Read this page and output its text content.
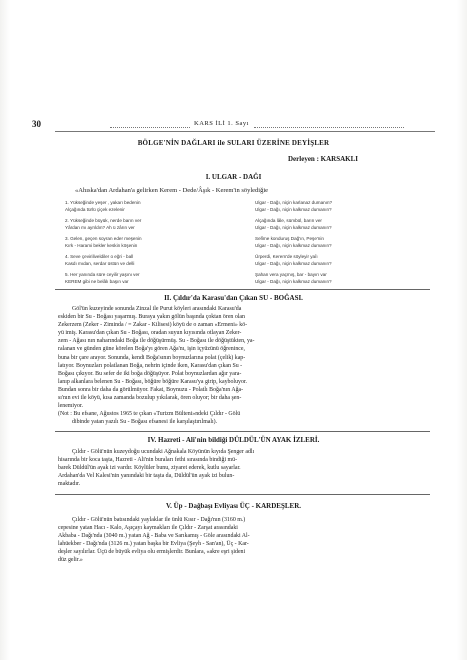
30	KARS İLİ 1. Sayı
BÖLGE'NİN DAĞLARI ile SULARI ÜZERİNE DEYİŞLER
Derleyen : KARSAKLI
I. ULGAR - DAĞI
«Ahıska'dan Ardahan'a gelirken Kerem - Dede/Âşık - Kerem'in söylediğie
1. Yükseğinde yeşer , yakarı bedenin
Alçağında türlü çiçek ezelenir
Ulgar - Dağı, niçin karlanaz dumanın?
Ulgar - Dağı, niçin kalkmaz dumanın?
2. Yükseğinde büyük, nerde barın ver
Yârdan mı ayrıldın? Ah ü zârın ver
Alçağında lâle, sümbül, barın ver
Ulgar - Dağı, niçin kalkmaz dumanın?
3. Gelen, geçen soyran eder meşenin
Kırk - Harami bekler keskin köşenin
Selîme konduruş Dağ'ın, Peşe'nin
Ulgar - Dağı, niçin kalkmaz dumanın?
4. Seve çeviriliveldiler o eğri - ball
Kasdı mıdan, serdar üstün ve delli
Ürperdi, Kerem'de söyleyir yaîı
Ulgar - Dağı, niçin kalkmaz dumanın?
5. Her yanında süre ceyilir yaşını ver
KEREM gibi ne belâlı başın var
Şahan vera yaçmış, bar - bayırı var
Ulgar - Dağı, niçin kalkmaz dumanın?
II. Çıldır'da Karasu'dan Çıkan SU - BOĞASI.
Göl'ün kuzeyinde sonunda Zinzal ile Purut köyleri arasındaki Karasu'da
eskiden bir Su - Boğası yaşarmış. Buraya yakın gölün başında çoktan ören olan
Zekerzem (Zeker - Ziminda / = Zakar - Kilisesi) köyü de o zaman «Ermeni» kö-
yü imiş. Karasu'dan çıkan Su - Boğası, oradan suyun kıyısında otlayan Zeker-
zem - Ağası nın naharındaki Boğa ile döğüşürmüş. Su - Boğası ile döğüştükten, ya-
ralanan ve günden güne körelen Boğa'yı gören Ağa'nı, işin içyüzünü öğrenince,
buna bir çare arayor. Sonunda, kendi Boğa'sının boynuzlarına polat (çelik) kap-
latıyor. Boynuzları polatlanan Boğa, nehrin içinde iken, Karasu'dan çıkan Su -
Boğası çıkıyor. Bu sefer de iki boğa döğüşüyor. Polat boynuzlardan ağır yara-
lanıp alkanlara belenen Su - Boğası, böğüre böğüre Karasu'ya girip, kayboluyor.
Bundan sonra bir daha da görülmüyor. Fakat, Boynuzu - Polatlı Boğa'nın Ağa-
sı'nın evi ile köyü, kısa zamanda bozulup yıkılarak, ören oluyor; bir daha şen-
lenemiyor.
(Not : Bu efsane, Ağustos 1965 te çıkan «Turizm Bülteni»ndeki Çıldır - Gölü
dibinde yatan yazılı Su - Boğası efsanesi ile karşılaştırılmalı).
IV. Hazreti - Ali'nin bildiği DÜLDÜL'ÜN AYAK İZLERİ.
Çıldır - Gölü'nün kuzeydoğu ucundaki Ağnakala Köyünün kıyıda Şenger adlı
hisarında bir koca taşta, Hazreti - Ali'nin buraları fethi sırasında bindiği mü-
barek Düldül'ün ayak izi vardır. Köylüler bunu, ziyaret ederek, kutlu sayarlar.
Ardahan'da Vel Kalesi'nin yanındaki bir taşta da, Düldül'ün ayak izi bulun-
maktadır.
V. Üp - Dağbaşı Evliyası ÜÇ - KARDEŞLER.
Çıldır - Gölü'nün batısındaki yaylaklar ile ünlü Kısır - Dağı'nın (3160 m.)
cepesine yatan Hacı - Kalo, Aşıçayı kaymakları ile Çıldır - Zarşat arasındaki
Akbaba - Dağı'nda (3040 m.) yatan Ağ - Baba ve Sarıkamış - Göle arasındaki Al-
lahüekber - Dağı'nda (3126 m.) yatan başka bir Evliya (Şeyh - San'an), Üç - Kar-
deşler sayılırlar. Üçü de büyük evliya olu ermişlerdir. Bunlara, «akre eşri şideni
düz gelir.»
